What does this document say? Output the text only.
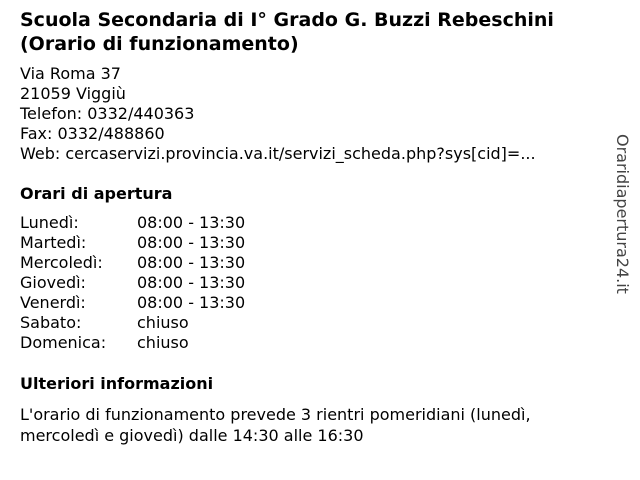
Scuola Secondaria di I° Grado G. Buzzi Rebeschini (Orario di funzionamento)
Via Roma 37
21059 Viggiù
Telefon: 0332/440363
Fax: 0332/488860
Web: cercaservizi.provincia.va.it/servizi_scheda.php?sys[cid]=...
Orari di apertura
Lunedì:	08:00 - 13:30
Martedì:	08:00 - 13:30
Mercoledì:	08:00 - 13:30
Giovedì:	08:00 - 13:30
Venerdì:	08:00 - 13:30
Sabato:	chiuso
Domenica:	chiuso
Ulteriori informazioni

L'orario di funzionamento prevede 3 rientri pomeridiani (lunedì, mercoledì e giovedì) dalle 14:30 alle 16:30

Oraridiapertura24.it
